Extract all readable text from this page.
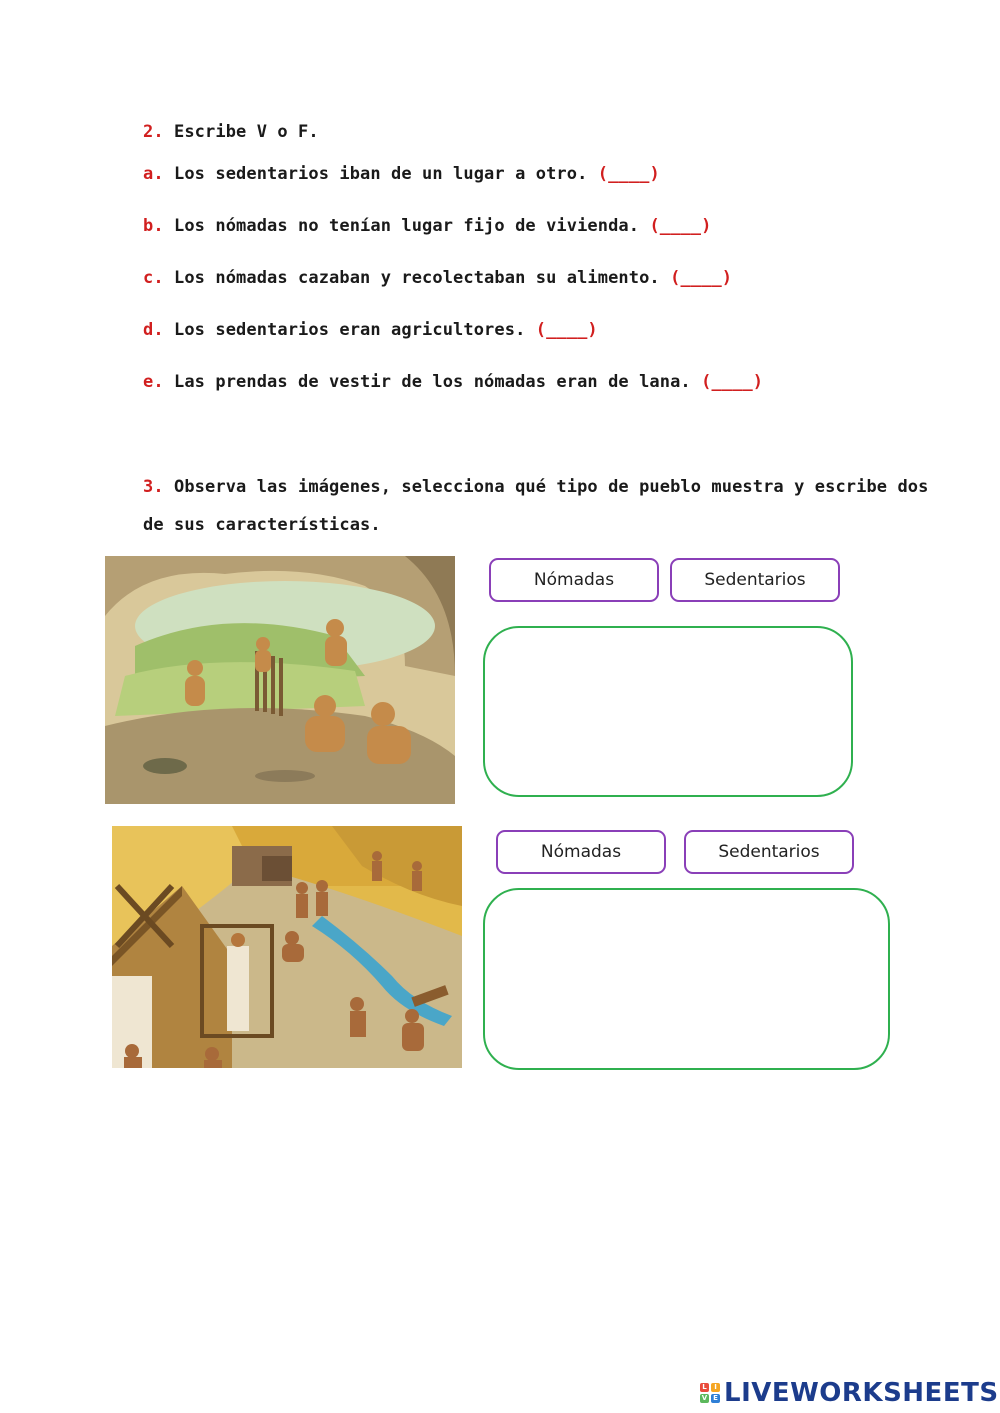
2. Escribe V o F.
a. Los sedentarios iban de un lugar a otro. (____)
b. Los nómadas no tenían lugar fijo de vivienda. (____)
c. Los nómadas cazaban y recolectaban su alimento. (____)
d. Los sedentarios eran agricultores. (____)
e. Las prendas de vestir de los nómadas eran de lana. (____)
3. Observa las imágenes, selecciona qué tipo de pueblo muestra y escribe dos
de sus características.
Nómadas	Sedentarios
Nómadas	Sedentarios
L	I
V E LIVEWORKSHEETS
